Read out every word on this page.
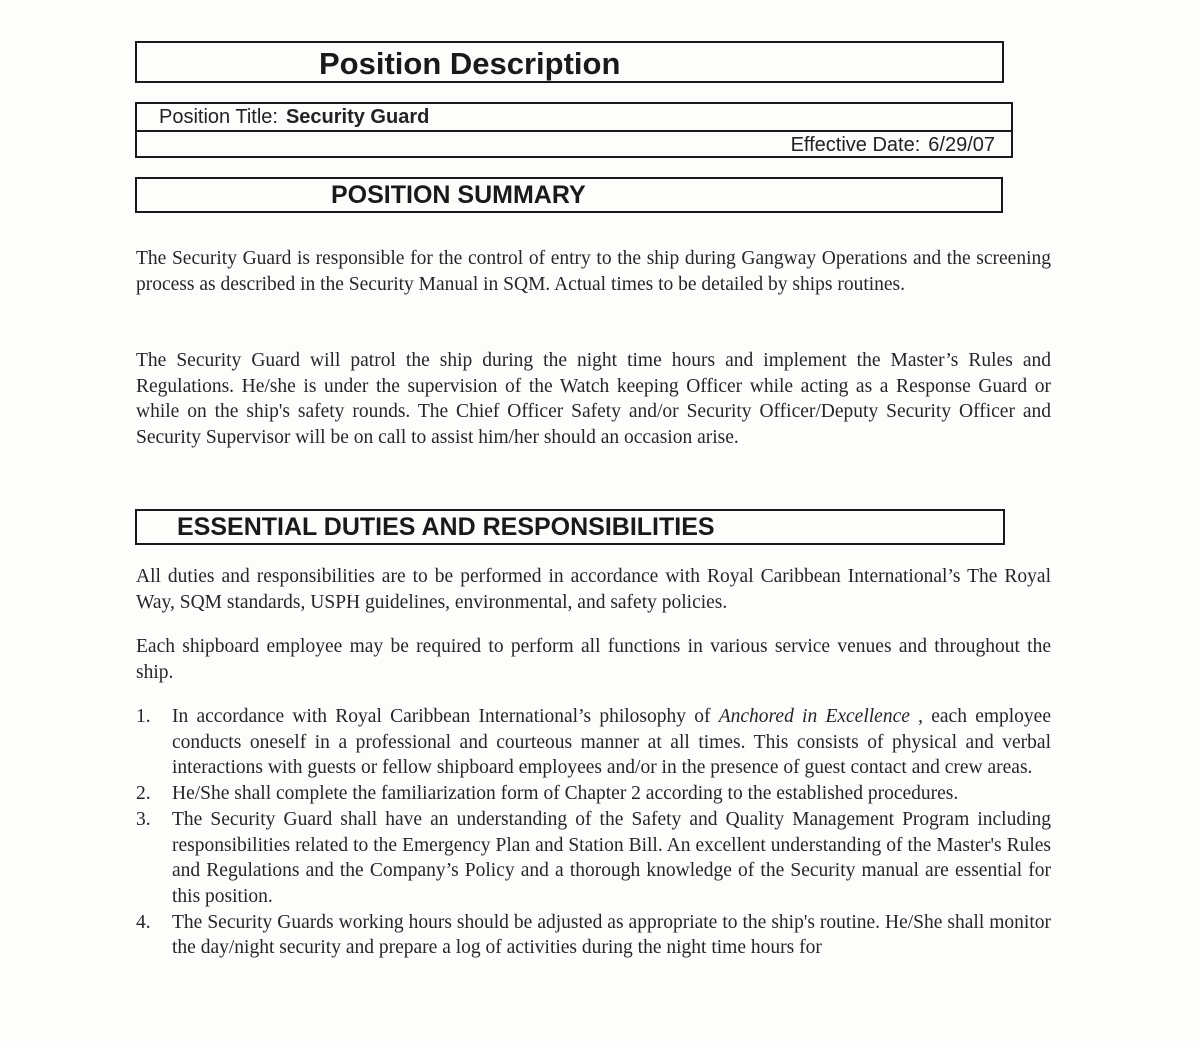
Position Description
Position Title: Security Guard
Effective Date: 6/29/07
POSITION SUMMARY

The Security Guard is responsible for the control of entry to the ship during Gangway Operations and the screening process as described in the Security Manual in SQM. Actual times to be detailed by ships routines.

The Security Guard will patrol the ship during the night time hours and implement the Master’s Rules and Regulations. He/she is under the supervision of the Watch keeping Officer while acting as a Response Guard or while on the ship's safety rounds. The Chief Officer Safety and/or Security Officer/Deputy Security Officer and Security Supervisor will be on call to assist him/her should an occasion arise.

ESSENTIAL DUTIES AND RESPONSIBILITIES

All duties and responsibilities are to be performed in accordance with Royal Caribbean International’s The Royal Way, SQM standards, USPH guidelines, environmental, and safety policies.

Each shipboard employee may be required to perform all functions in various service venues and throughout the ship.

1. In accordance with Royal Caribbean International’s philosophy of Anchored in Excellence , each employee conducts oneself in a professional and courteous manner at all times. This consists of physical and verbal interactions with guests or fellow shipboard employees and/or in the presence of guest contact and crew areas.
2. He/She shall complete the familiarization form of Chapter 2 according to the established procedures.
3. The Security Guard shall have an understanding of the Safety and Quality Management Program including responsibilities related to the Emergency Plan and Station Bill. An excellent understanding of the Master's Rules and Regulations and the Company’s Policy and a thorough knowledge of the Security manual are essential for this position.
4. The Security Guards working hours should be adjusted as appropriate to the ship's routine. He/She shall monitor the day/night security and prepare a log of activities during the night time hours for
